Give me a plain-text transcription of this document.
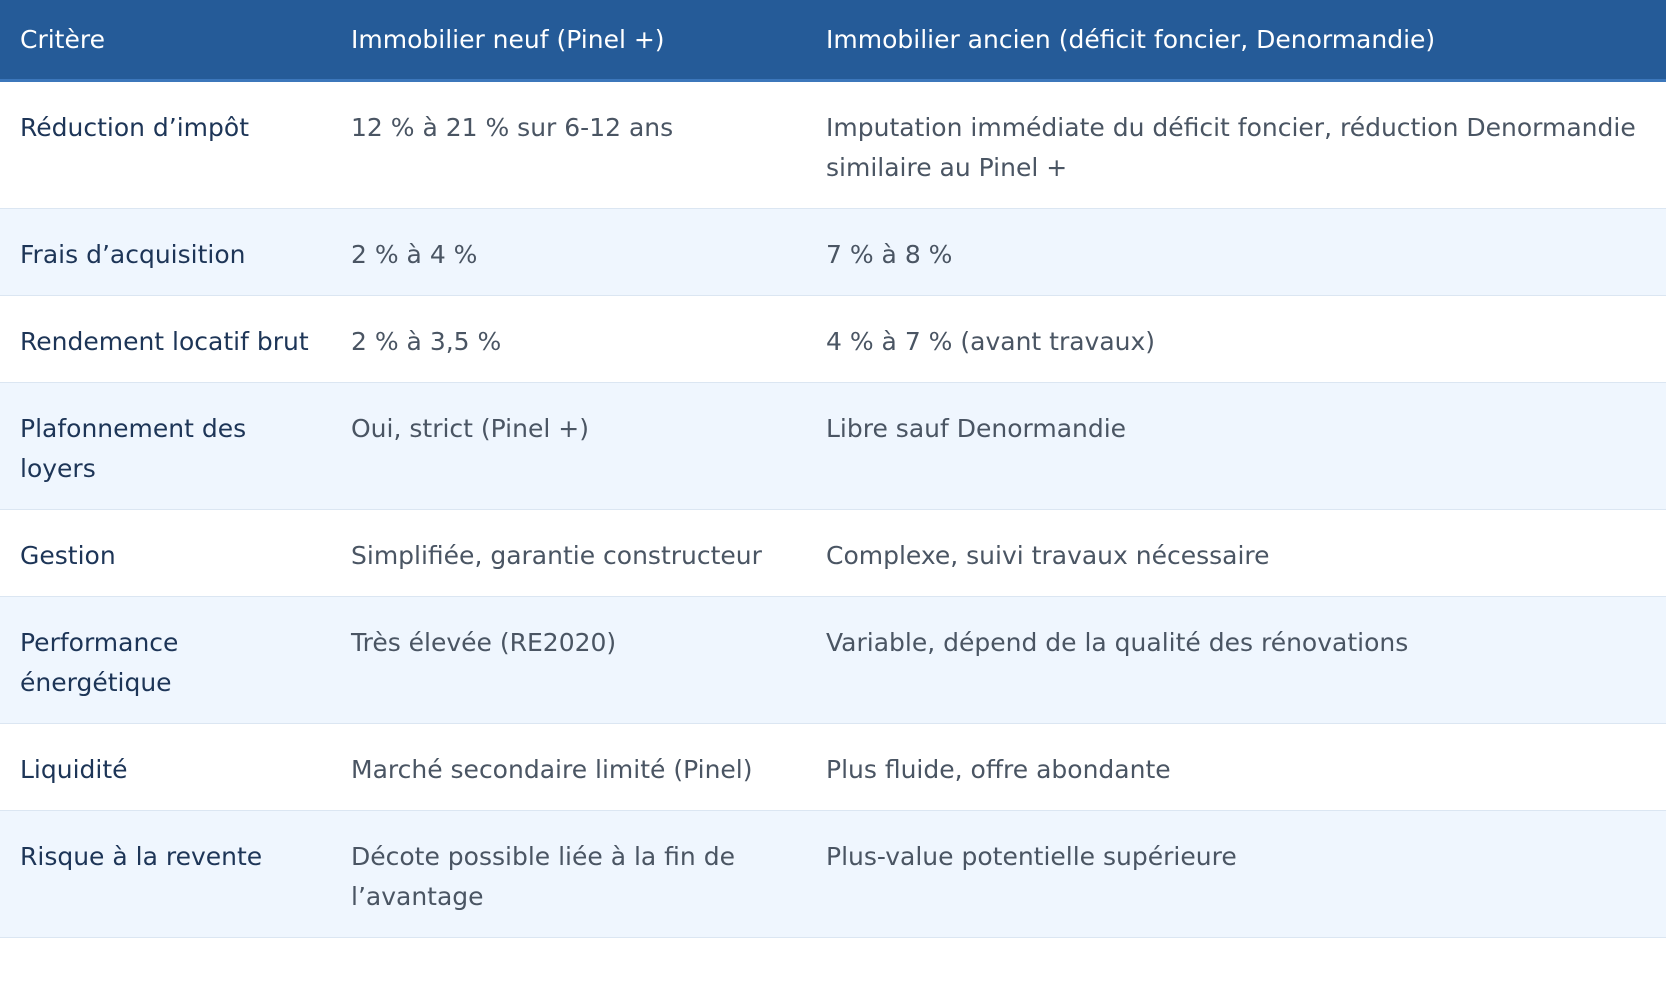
Critère	Immobilier neuf (Pinel +)	Immobilier ancien (déficit foncier, Denormandie)
Réduction d’impôt	12 % à 21 % sur 6-12 ans	Imputation immédiate du déficit foncier, réduction Denormandie similaire au Pinel +
Frais d’acquisition	2 % à 4 %	7 % à 8 %
Rendement locatif brut	2 % à 3,5 %	4 % à 7 % (avant travaux)
Plafonnement des loyers	Oui, strict (Pinel +)	Libre sauf Denormandie
Gestion	Simplifiée, garantie constructeur	Complexe, suivi travaux nécessaire
Performance énergétique	Très élevée (RE2020)	Variable, dépend de la qualité des rénovations
Liquidité	Marché secondaire limité (Pinel)	Plus fluide, offre abondante
Risque à la revente	Décote possible liée à la fin de l’avantage	Plus-value potentielle supérieure
